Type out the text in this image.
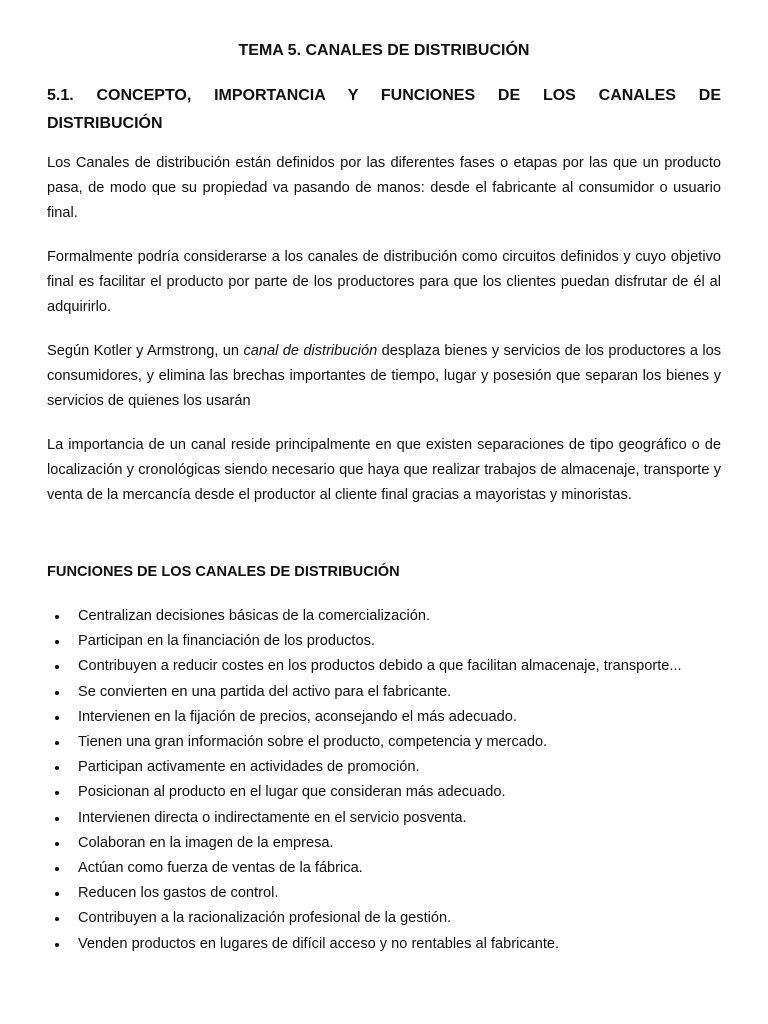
TEMA 5. CANALES DE DISTRIBUCIÓN
5.1. CONCEPTO, IMPORTANCIA Y FUNCIONES DE LOS CANALES DE DISTRIBUCIÓN

Los Canales de distribución están definidos por las diferentes fases o etapas por las que un producto pasa, de modo que su propiedad va pasando de manos: desde el fabricante al consumidor o usuario final.

Formalmente podría considerarse a los canales de distribución como circuitos definidos y cuyo objetivo final es facilitar el producto por parte de los productores para que los clientes puedan disfrutar de él al adquirirlo.

Según Kotler y Armstrong, un canal de distribución desplaza bienes y servicios de los productores a los consumidores, y elimina las brechas importantes de tiempo, lugar y posesión que separan los bienes y servicios de quienes los usarán

La importancia de un canal reside principalmente en que existen separaciones de tipo geográfico o de localización y cronológicas siendo necesario que haya que realizar trabajos de almacenaje, transporte y venta de la mercancía desde el productor al cliente final gracias a mayoristas y minoristas.

FUNCIONES DE LOS CANALES DE DISTRIBUCIÓN
Centralizan decisiones básicas de la comercialización.
Participan en la financiación de los productos.
Contribuyen a reducir costes en los productos debido a que facilitan almacenaje, transporte...
Se convierten en una partida del activo para el fabricante.
Intervienen en la fijación de precios, aconsejando el más adecuado.
Tienen una gran información sobre el producto, competencia y mercado.
Participan activamente en actividades de promoción.
Posicionan al producto en el lugar que consideran más adecuado.
Intervienen directa o indirectamente en el servicio posventa.
Colaboran en la imagen de la empresa.
Actúan como fuerza de ventas de la fábrica.
Reducen los gastos de control.
Contribuyen a la racionalización profesional de la gestión.
Venden productos en lugares de difícil acceso y no rentables al fabricante.
